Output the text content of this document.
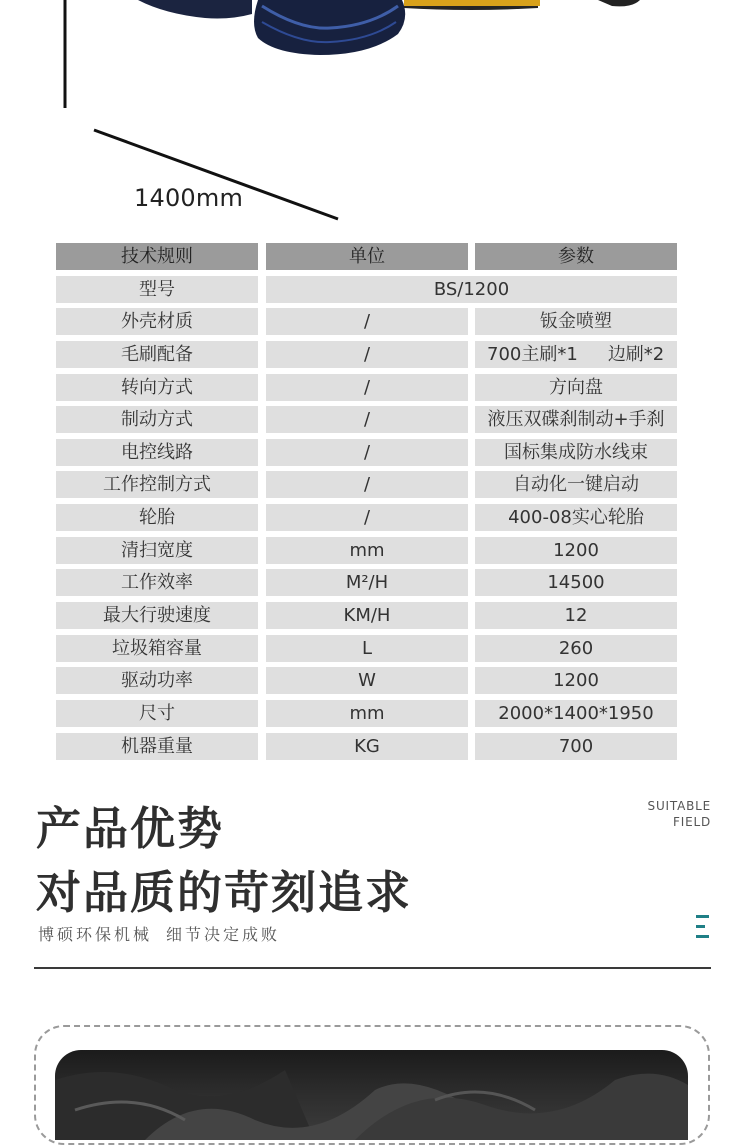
1400mm
技术规则	单位	参数
型号	BS/1200
外壳材质	/	钣金喷塑
毛刷配备	/	700主刷*1 边刷*2
转向方式	/	方向盘
制动方式	/	液压双碟刹制动+手刹
电控线路	/	国标集成防水线束
工作控制方式	/	自动化一键启动
轮胎	/	400-08实心轮胎
清扫宽度	mm	1200
工作效率	M²/H	14500
最大行驶速度	KM/H	12
垃圾箱容量	L	260
驱动功率	W	1200
尺寸	mm	2000*1400*1950
机器重量	KG	700
产品优势
对品质的苛刻追求
SUITABLE
FIELD
博硕环保机械 细节决定成败
